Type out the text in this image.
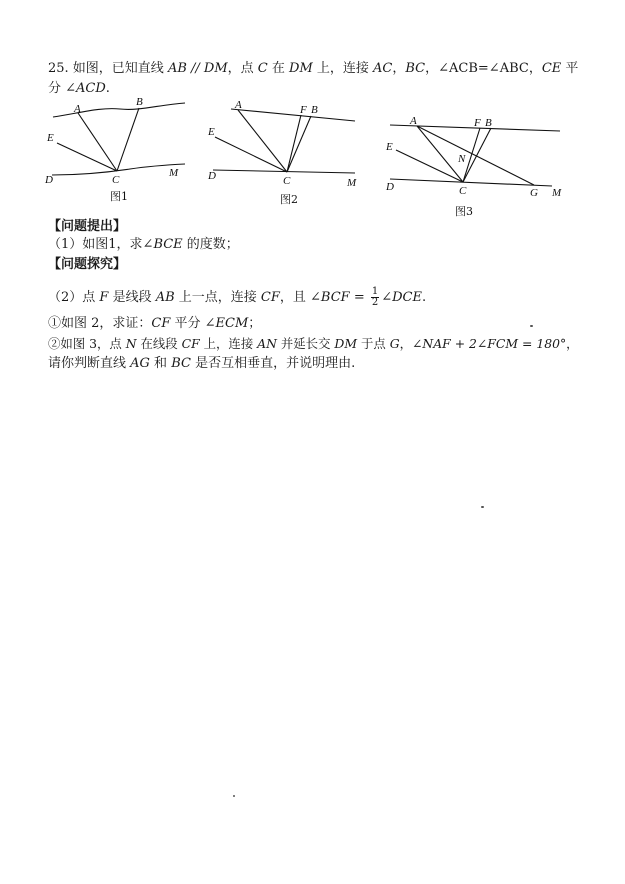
25. 如图，已知直线 AB // DM，点 C 在 DM 上，连接 AC，BC，∠ACB=∠ABC，CE 平
分 ∠ACD.
A
B
E
D	C
M
图1
A	F B
E
D	C	M
图2
A	F B
E
N
D	C	G M
图3
【问题提出】
（1）如图1，求∠BCE 的度数；
【问题探究】
（2）点 F 是线段 AB 上一点，连接 CF，且 ∠BCF = $\frac{1}{2}$ ∠DCE.
①如图 2，求证：CF 平分 ∠ECM；
②如图 3，点 N 在线段 CF 上，连接 AN 并延长交 DM 于点 G，∠NAF + 2∠FCM = 180°，
请你判断直线 AG 和 BC 是否互相垂直，并说明理由.
